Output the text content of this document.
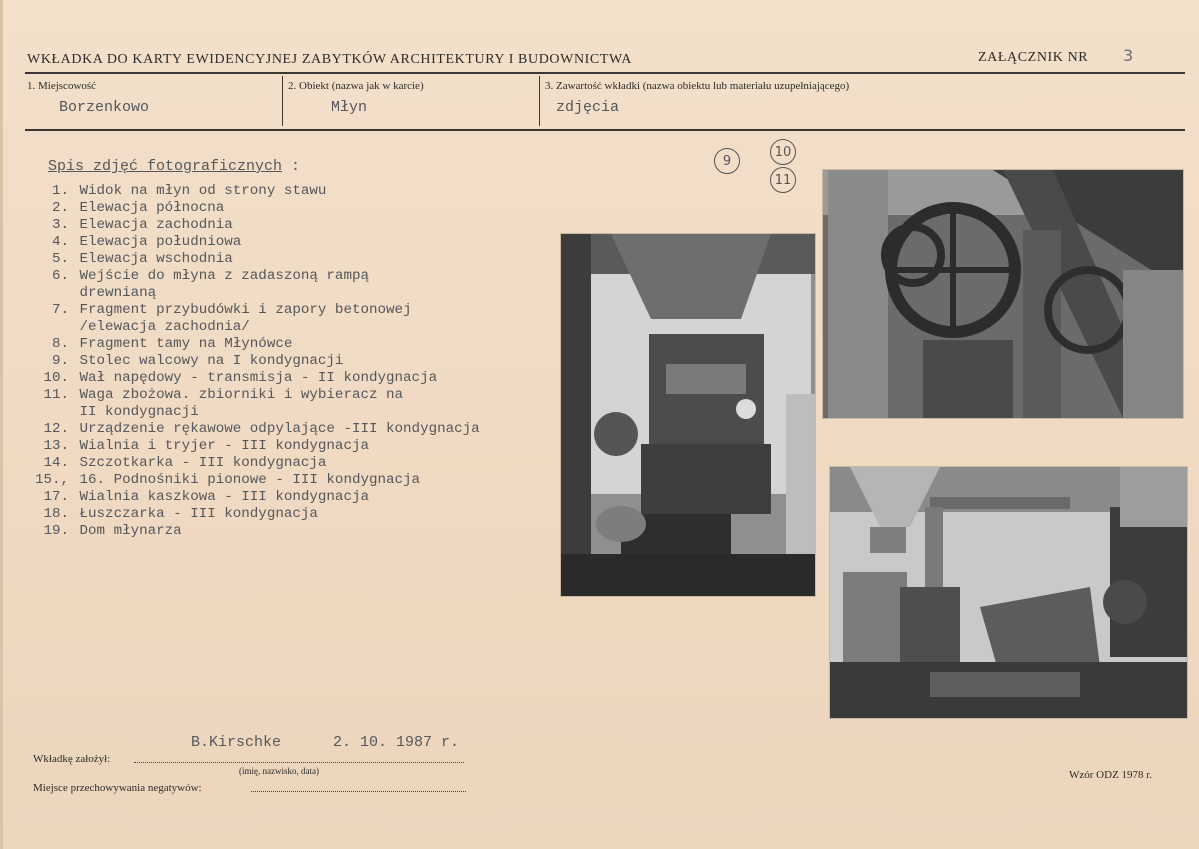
WKŁADKA DO KARTY EWIDENCYJNEJ ZABYTKÓW ARCHITEKTURY I BUDOWNICTWA	ZAŁĄCZNIK NR 3
1. Miejscowość
Borzenkowo
2. Obiekt (nazwa jak w karcie)
Młyn
3. Zawartość wkładki (nazwa obiektu lub materiału uzupełniającego)
zdjęcia
Spis zdjęć fotograficznych :
1. Widok na młyn od strony stawu
2. Elewacja północna
3. Elewacja zachodnia
4. Elewacja południowa
5. Elewacja wschodnia
6. Wejście do młyna z zadaszoną rampą
drewnianą
7. Fragment przybudówki i zapory betonowej
/elewacja zachodnia/
8. Fragment tamy na Młynówce
9. Stolec walcowy na I kondygnacji
10. Wał napędowy - transmisja - II kondygnacja
11. Waga zbożowa. zbiorniki i wybieracz na
II kondygnacji
12. Urządzenie rękawowe odpylające -III kondygnacja
13. Wialnia i tryjer - III kondygnacja
14. Szczotkarka - III kondygnacja
15., 16. Podnośniki pionowe - III kondygnacja
17. Wialnia kaszkowa - III kondygnacja
18. Łuszczarka - III kondygnacja
19. Dom młynarza
9
10
11
Wkładkę założył:
B.Kirschke	2. 10. 1987 r.
(imię, nazwisko, data)
Miejsce przechowywania negatywów:
Wzór ODZ 1978 r.
